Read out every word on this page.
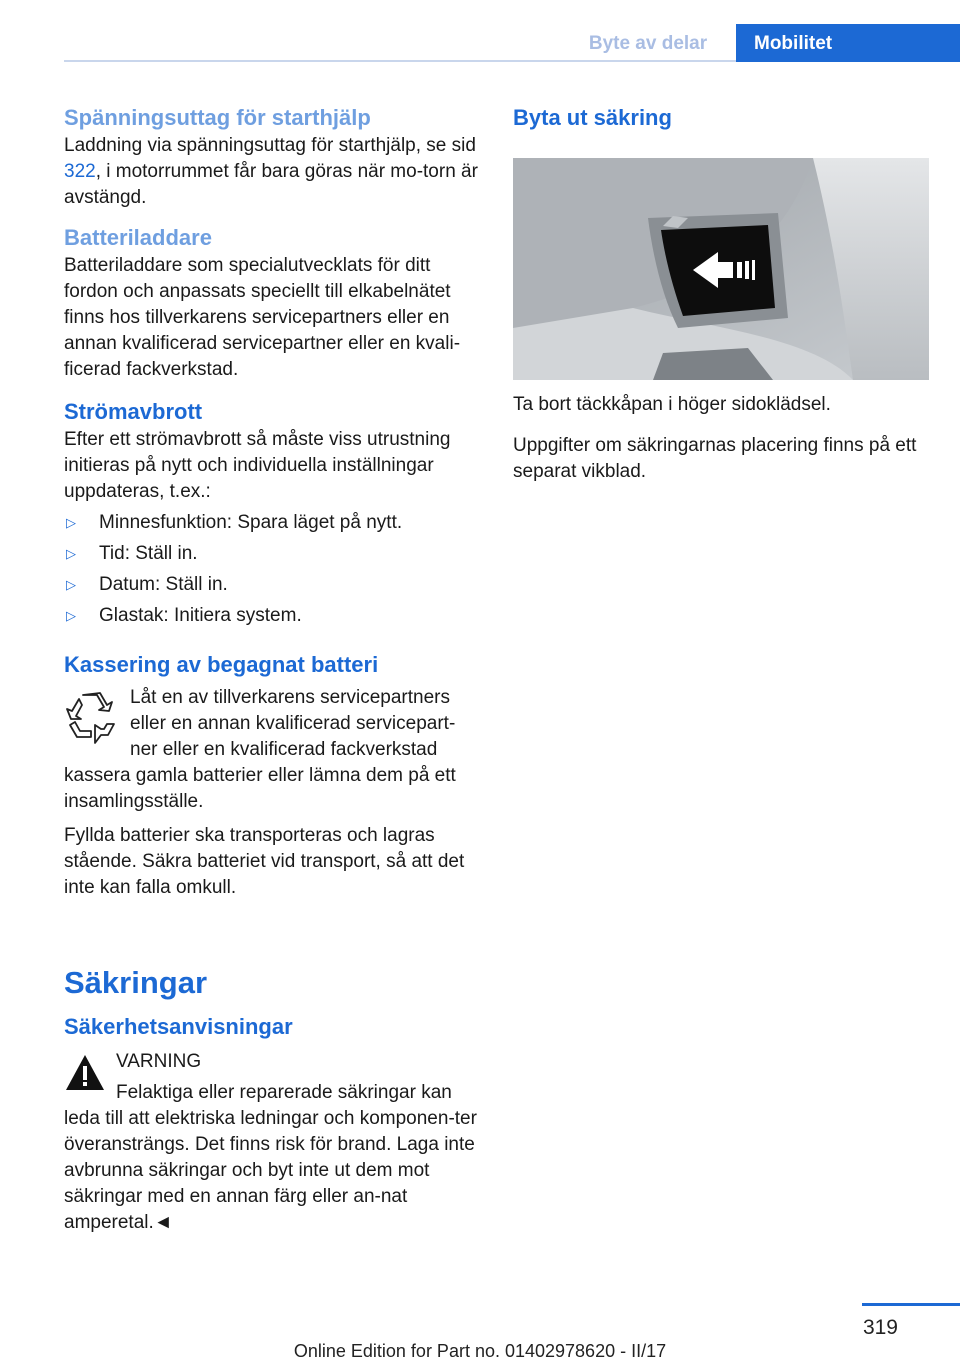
Byte av delar	Mobilitet
Spänningsuttag för starthjälp

Laddning via spänningsuttag för starthjälp, se sid 322, i motorrummet får bara göras när mo-torn är avstängd.

Batteriladdare

Batteriladdare som specialutvecklats för ditt fordon och anpassats speciellt till elkabelnätet finns hos tillverkarens servicepartners eller en annan kvalificerad servicepartner eller en kvali-ficerad fackverkstad.

Strömavbrott

Efter ett strömavbrott så måste viss utrustning initieras på nytt och individuella inställningar uppdateras, t.ex.:

▷ Minnesfunktion: Spara läget på nytt.
▷ Tid: Ställ in.
▷ Datum: Ställ in.
▷ Glastak: Initiera system.
Kassering av begagnat batteri

Låt en av tillverkarens servicepartners eller en annan kvalificerad servicepart-ner eller en kvalificerad fackverkstad kassera gamla batterier eller lämna dem på ett insamlingsställe.

Fyllda batterier ska transporteras och lagras stående. Säkra batteriet vid transport, så att det inte kan falla omkull.

Säkringar
Säkerhetsanvisningar

VARNING

Felaktiga eller reparerade säkringar kan leda till att elektriska ledningar och komponen-ter överansträngs. Det finns risk för brand. Laga inte avbrunna säkringar och byt inte ut dem mot säkringar med en annan färg eller an-nat amperetal.◄

Byta ut säkring

Ta bort täckkåpan i höger sidoklädsel.

Uppgifter om säkringarnas placering finns på ett separat vikblad.

319
Online Edition for Part no. 01402978620 - II/17
